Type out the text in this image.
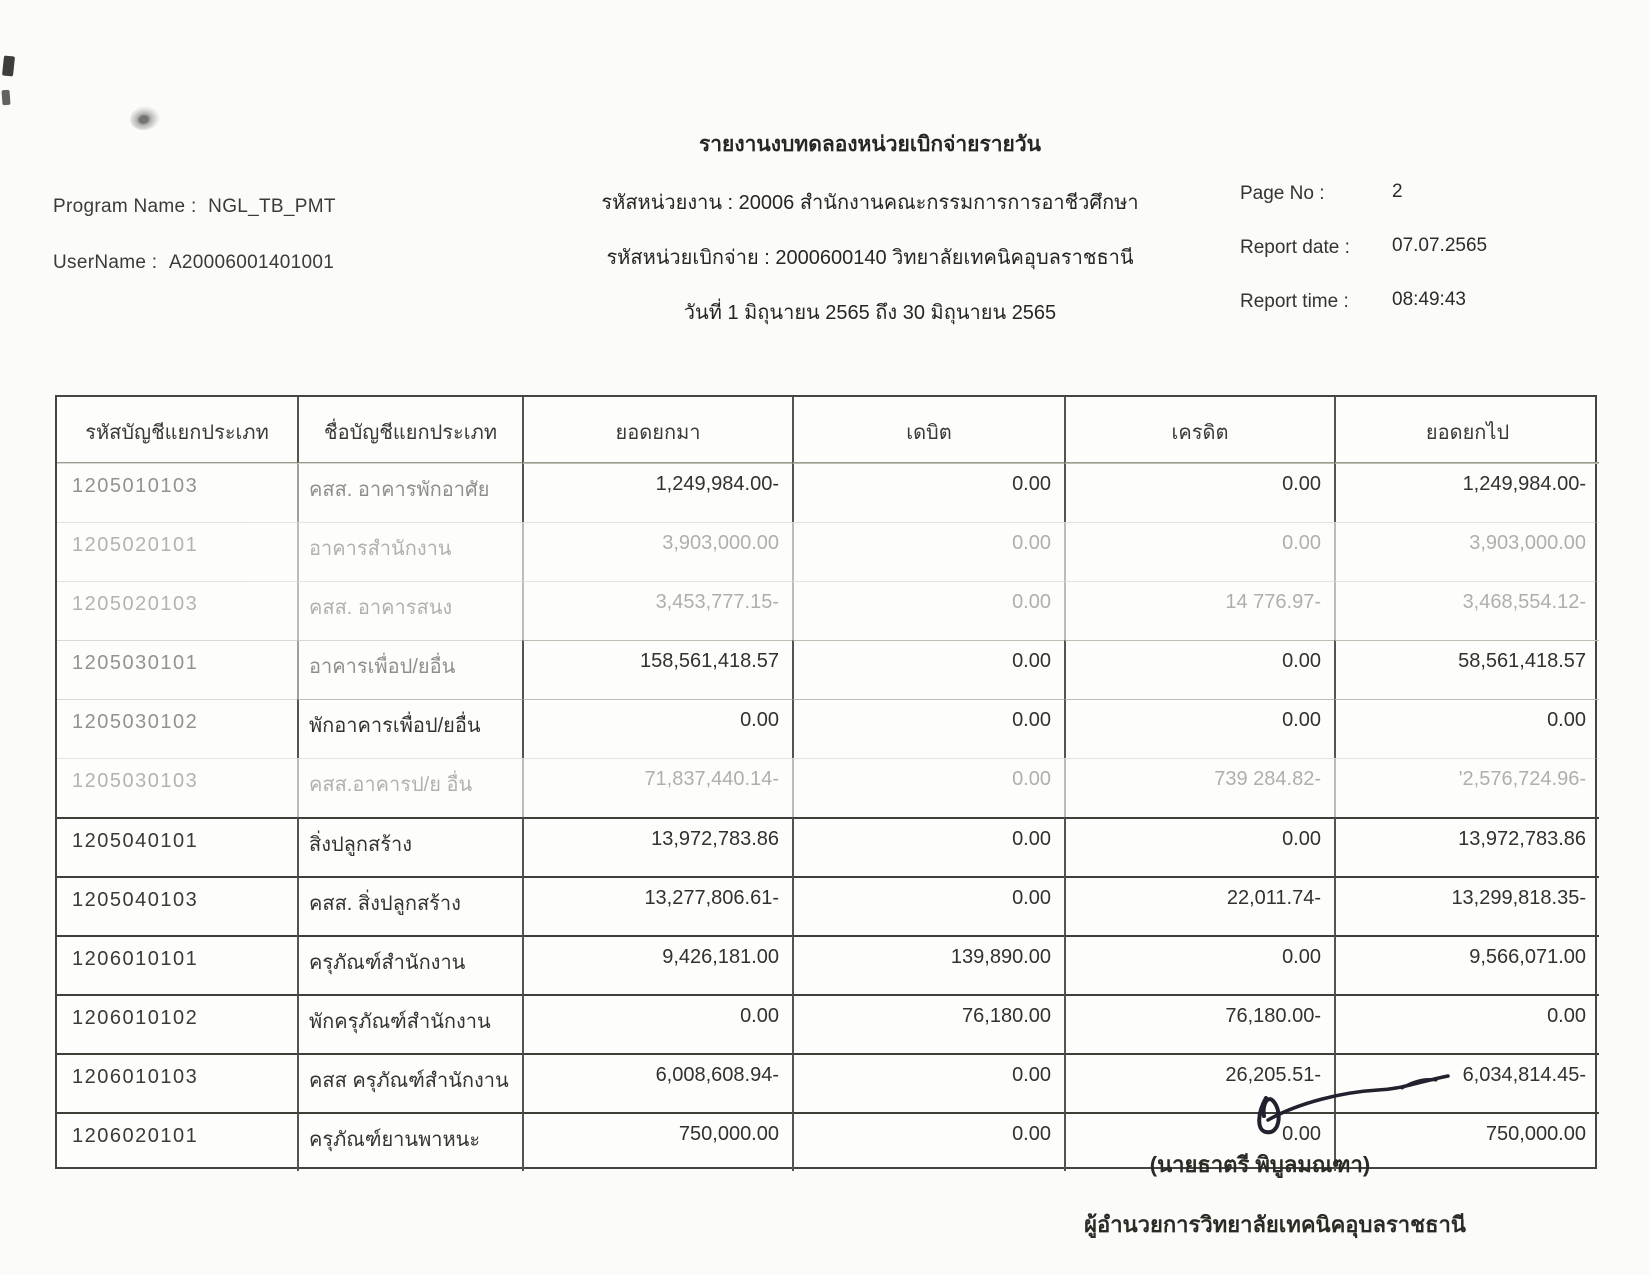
Program Name : NGL_TB_PMT
UserName : A20006001401001
รายงานงบทดลองหน่วยเบิกจ่ายรายวัน
รหัสหน่วยงาน : 20006 สำนักงานคณะกรรมการการอาชีวศึกษา
รหัสหน่วยเบิกจ่าย : 2000600140 วิทยาลัยเทคนิคอุบลราชธานี
วันที่ 1 มิถุนายน 2565 ถึง 30 มิถุนายน 2565
Page No :	2
Report date : 07.07.2565
Report time : 08:49:43
รหัสบัญชีแยกประเภท	ชื่อบัญชีแยกประเภท	ยอดยกมา	เดบิต	เครดิต	ยอดยกไป
1205010103	คสส. อาคารพักอาศัย	1,249,984.00-	0.00	0.00	1,249,984.00-
1205020101	อาคารสำนักงาน	3,903,000.00	0.00	0.00	3,903,000.00
1205020103	คสส. อาคารสนง	3,453,777.15-	0.00	14 776.97-	3,468,554.12-
1205030101	อาคารเพื่อป/ยอื่น	158,561,418.57	0.00	0.00	58,561,418.57
1205030102	พักอาคารเพื่อป/ยอื่น	0.00	0.00	0.00	0.00
1205030103	คสส.อาคารป/ย อื่น	71,837,440.14-	0.00	739 284.82-	'2,576,724.96-
1205040101	สิ่งปลูกสร้าง	13,972,783.86	0.00	0.00	13,972,783.86
1205040103	คสส. สิ่งปลูกสร้าง	13,277,806.61-	0.00	22,011.74-	13,299,818.35-
1206010101	ครุภัณฑ์สำนักงาน	9,426,181.00	139,890.00	0.00	9,566,071.00
1206010102	พักครุภัณฑ์สำนักงาน	0.00	76,180.00	76,180.00-	0.00
1206010103	คสส ครุภัณฑ์สำนักงาน	6,008,608.94-	0.00	26,205.51-	6,034,814.45-
1206020101	ครุภัณฑ์ยานพาหนะ	750,000.00	0.00	0.00	750,000.00
(นายธาตรี พิบูลมณฑา)
ผู้อำนวยการวิทยาลัยเทคนิคอุบลราชธานี
